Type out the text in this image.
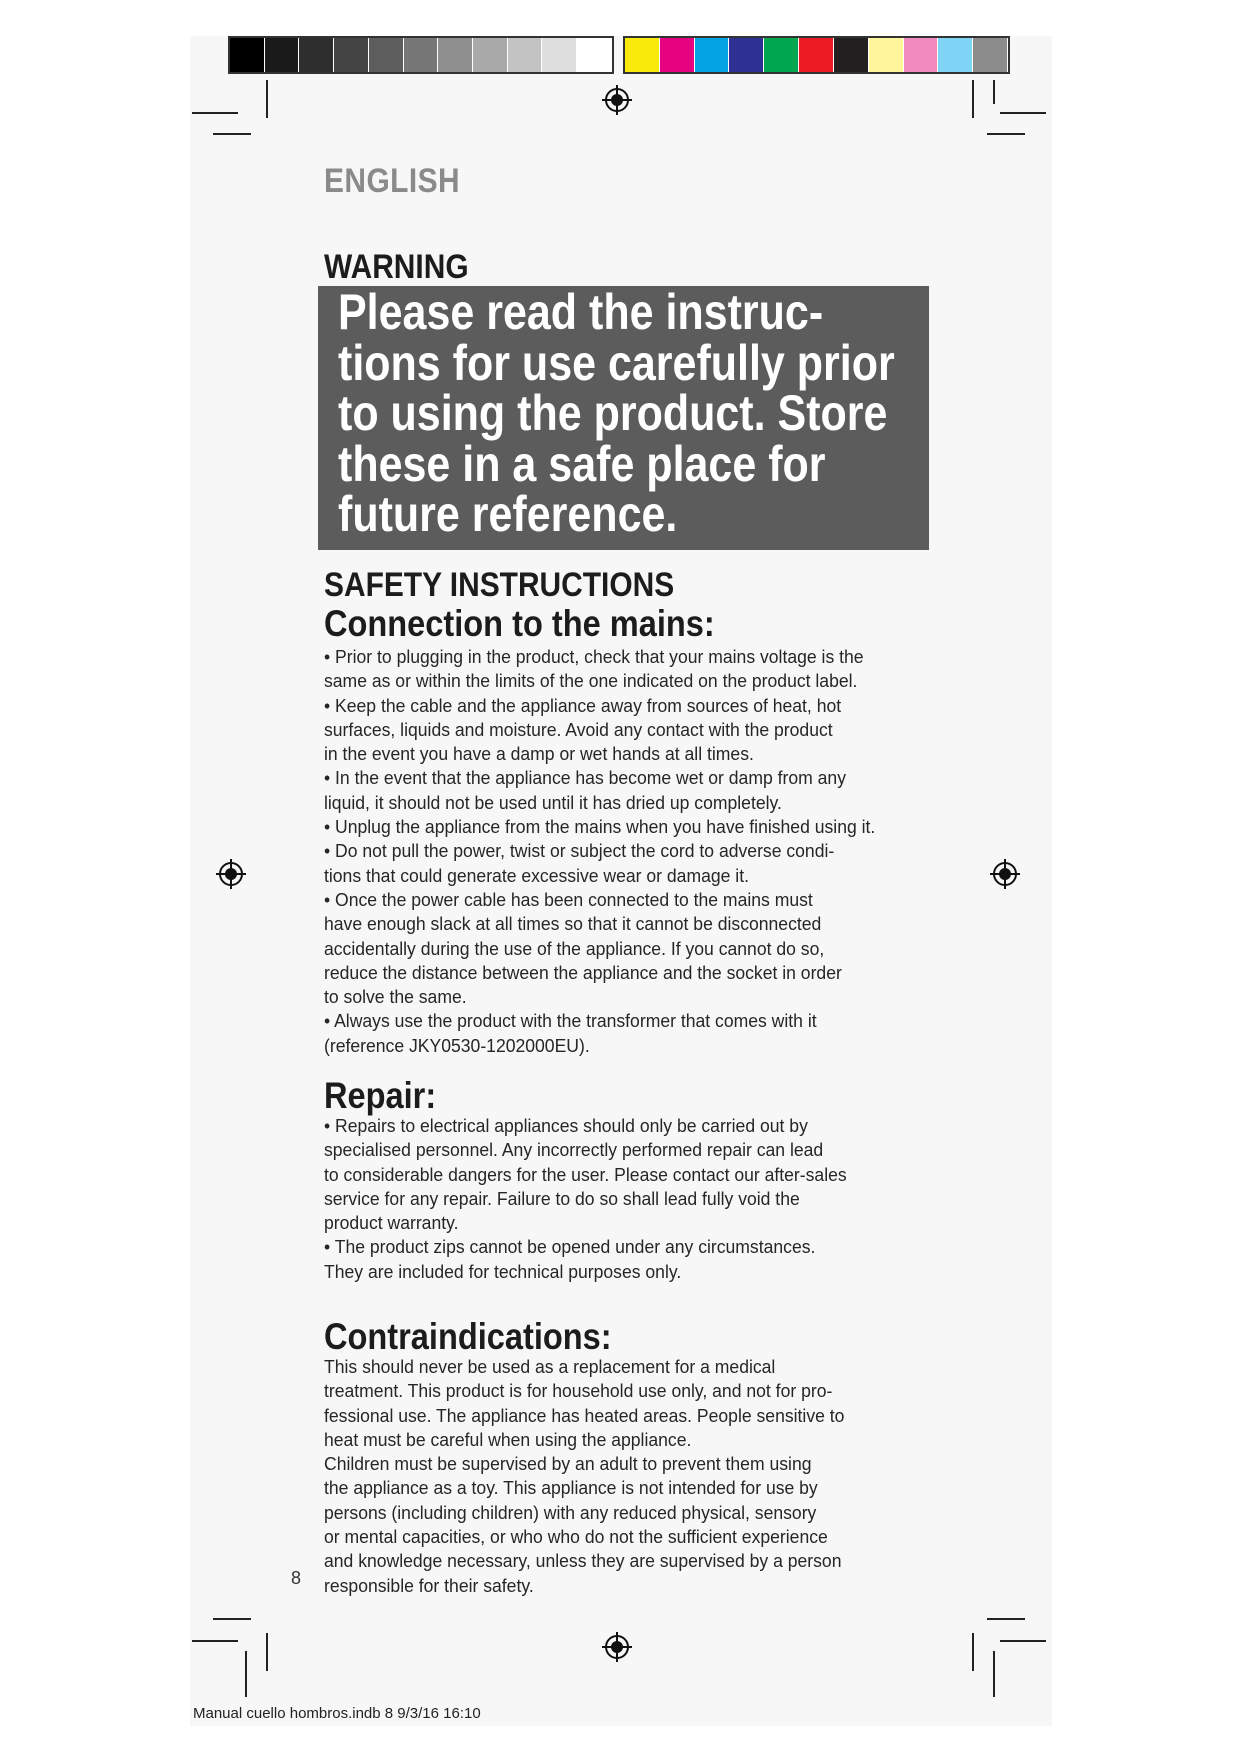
ENGLISH
WARNING

Please read the instruc-

tions for use carefully prior

to using the product. Store

these in a safe place for

future reference.

SAFETY INSTRUCTIONS
Connection to the mains:

• Prior to plugging in the product, check that your mains voltage is the

same as or within the limits of the one indicated on the product label.

• Keep the cable and the appliance away from sources of heat, hot

surfaces, liquids and moisture. Avoid any contact with the product

in the event you have a damp or wet hands at all times.

• In the event that the appliance has become wet or damp from any

liquid, it should not be used until it has dried up completely.

• Unplug the appliance from the mains when you have finished using it.

• Do not pull the power, twist or subject the cord to adverse condi-

tions that could generate excessive wear or damage it.

• Once the power cable has been connected to the mains must

have enough slack at all times so that it cannot be disconnected

accidentally during the use of the appliance. If you cannot do so,

reduce the distance between the appliance and the socket in order

to solve the same.

• Always use the product with the transformer that comes with it

(reference JKY0530-1202000EU).

Repair:

• Repairs to electrical appliances should only be carried out by

specialised personnel. Any incorrectly performed repair can lead

to considerable dangers for the user. Please contact our after-sales

service for any repair. Failure to do so shall lead fully void the

product warranty.

• The product zips cannot be opened under any circumstances.

They are included for technical purposes only.

Contraindications:

This should never be used as a replacement for a medical

treatment. This product is for household use only, and not for pro-

fessional use. The appliance has heated areas. People sensitive to

heat must be careful when using the appliance.

Children must be supervised by an adult to prevent them using

the appliance as a toy. This appliance is not intended for use by

persons (including children) with any reduced physical, sensory

or mental capacities, or who who do not the sufficient experience

and knowledge necessary, unless they are supervised by a person

responsible for their safety.

8
Manual cuello hombros.indb 8 9/3/16 16:10
